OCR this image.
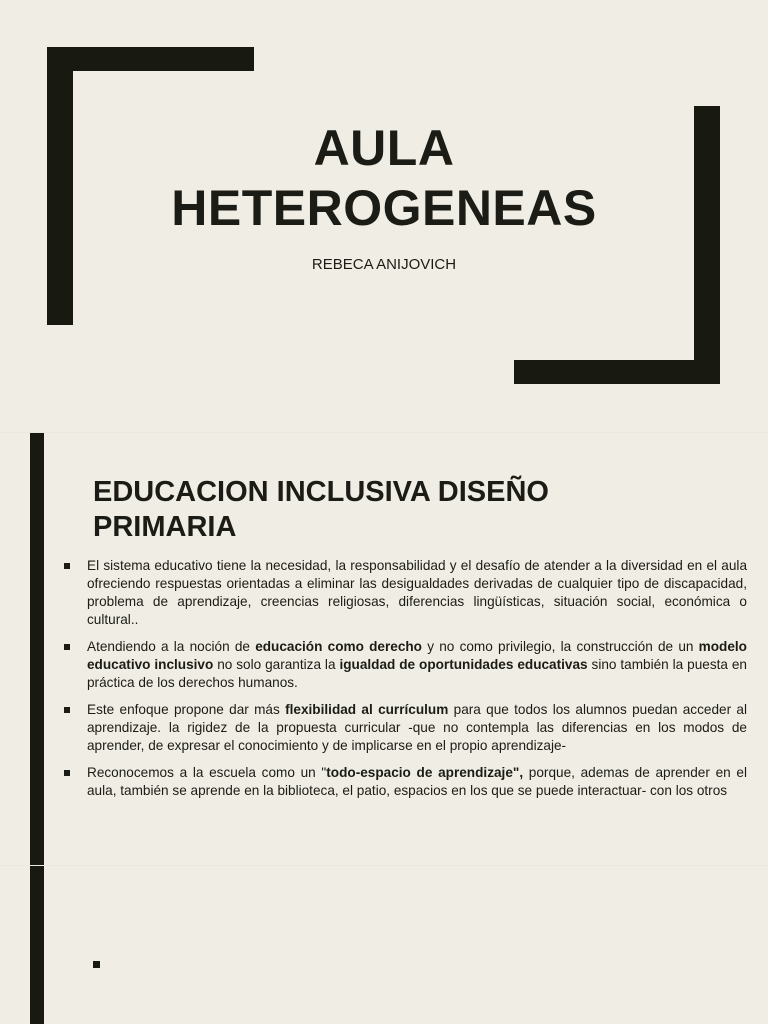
AULA
HETEROGENEAS
REBECA ANIJOVICH
EDUCACION INCLUSIVA DISEÑO
PRIMARIA
El sistema educativo tiene la necesidad, la responsabilidad y el desafío de atender a la diversidad en el aula ofreciendo respuestas orientadas a eliminar las desigualdades derivadas de cualquier tipo de discapacidad, problema de aprendizaje, creencias religiosas, diferencias lingüísticas, situación social, económica o cultural..
Atendiendo a la noción de educación como derecho y no como privilegio, la construcción de un modelo educativo inclusivo no solo garantiza la igualdad de oportunidades educativas sino también la puesta en práctica de los derechos humanos.
Este enfoque propone dar más flexibilidad al currículum para que todos los alumnos puedan acceder al aprendizaje. la rigidez de la propuesta curricular -que no contempla las diferencias en los modos de aprender, de expresar el conocimiento y de implicarse en el propio aprendizaje-
Reconocemos a la escuela como un "todo-espacio de aprendizaje", porque, ademas de aprender en el aula, también se aprende en la biblioteca, el patio, espacios en los que se puede interactuar- con los otros
